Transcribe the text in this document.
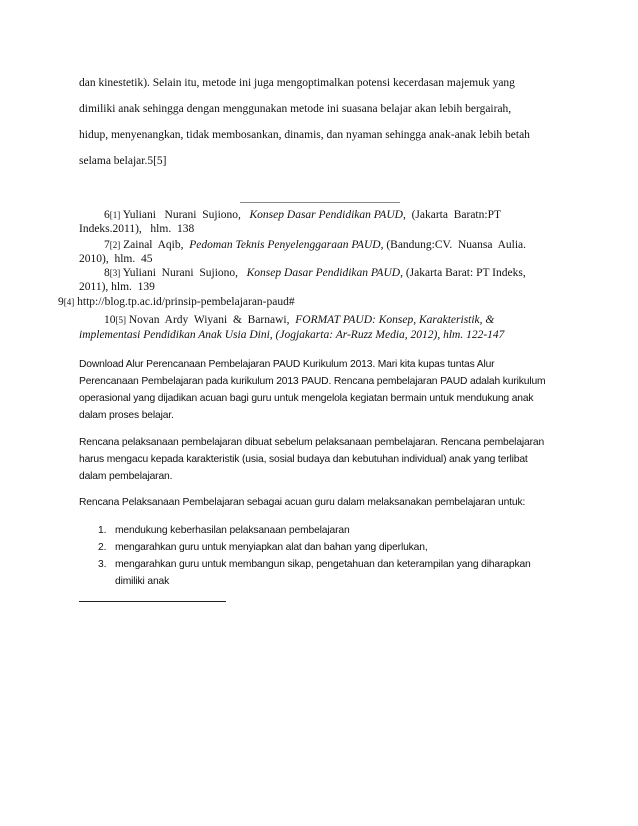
dan kinestetik). Selain itu, metode ini juga mengoptimalkan potensi kecerdasan majemuk yang
dimiliki anak sehingga dengan menggunakan metode ini suasana belajar akan lebih bergairah,
hidup, menyenangkan, tidak membosankan, dinamis, dan nyaman sehingga anak-anak lebih betah
selama belajar.5[5]
6[1] Yuliani   Nurani  Sujiono,   Konsep Dasar Pendidikan PAUD,  (Jakarta  Baratn:PT
Indeks.2011),   hlm.  138
7[2] Zainal  Aqib,  Pedoman Teknis Penyelenggaraan PAUD, (Bandung:CV.  Nuansa  Aulia.
2010),  hlm.  45
8[3] Yuliani  Nurani  Sujiono,   Konsep Dasar Pendidikan PAUD, (Jakarta Barat: PT Indeks,
2011), hlm.  139
9[4] http://blog.tp.ac.id/prinsip-pembelajaran-paud#
10[5] Novan  Ardy  Wiyani  &  Barnawi,  FORMAT PAUD: Konsep, Karakteristik, &
implementasi Pendidikan Anak Usia Dini, (Jogjakarta: Ar-Ruzz Media, 2012), hlm. 122-147
Download Alur Perencanaan Pembelajaran PAUD Kurikulum 2013. Mari kita kupas tuntas Alur
Perencanaan Pembelajaran pada kurikulum 2013 PAUD. Rencana pembelajaran PAUD adalah kurikulum
operasional yang dijadikan acuan bagi guru untuk mengelola kegiatan bermain untuk mendukung anak
dalam proses belajar.
Rencana pelaksanaan pembelajaran dibuat sebelum pelaksanaan pembelajaran. Rencana pembelajaran
harus mengacu kepada karakteristik (usia, sosial budaya dan kebutuhan individual) anak yang terlibat
dalam pembelajaran.
Rencana Pelaksanaan Pembelajaran sebagai acuan guru dalam melaksanakan pembelajaran untuk:
1. mendukung keberhasilan pelaksanaan pembelajaran
2. mengarahkan guru untuk menyiapkan alat dan bahan yang diperlukan,
3. mengarahkan guru untuk membangun sikap, pengetahuan dan keterampilan yang diharapkan
dimiliki anak
